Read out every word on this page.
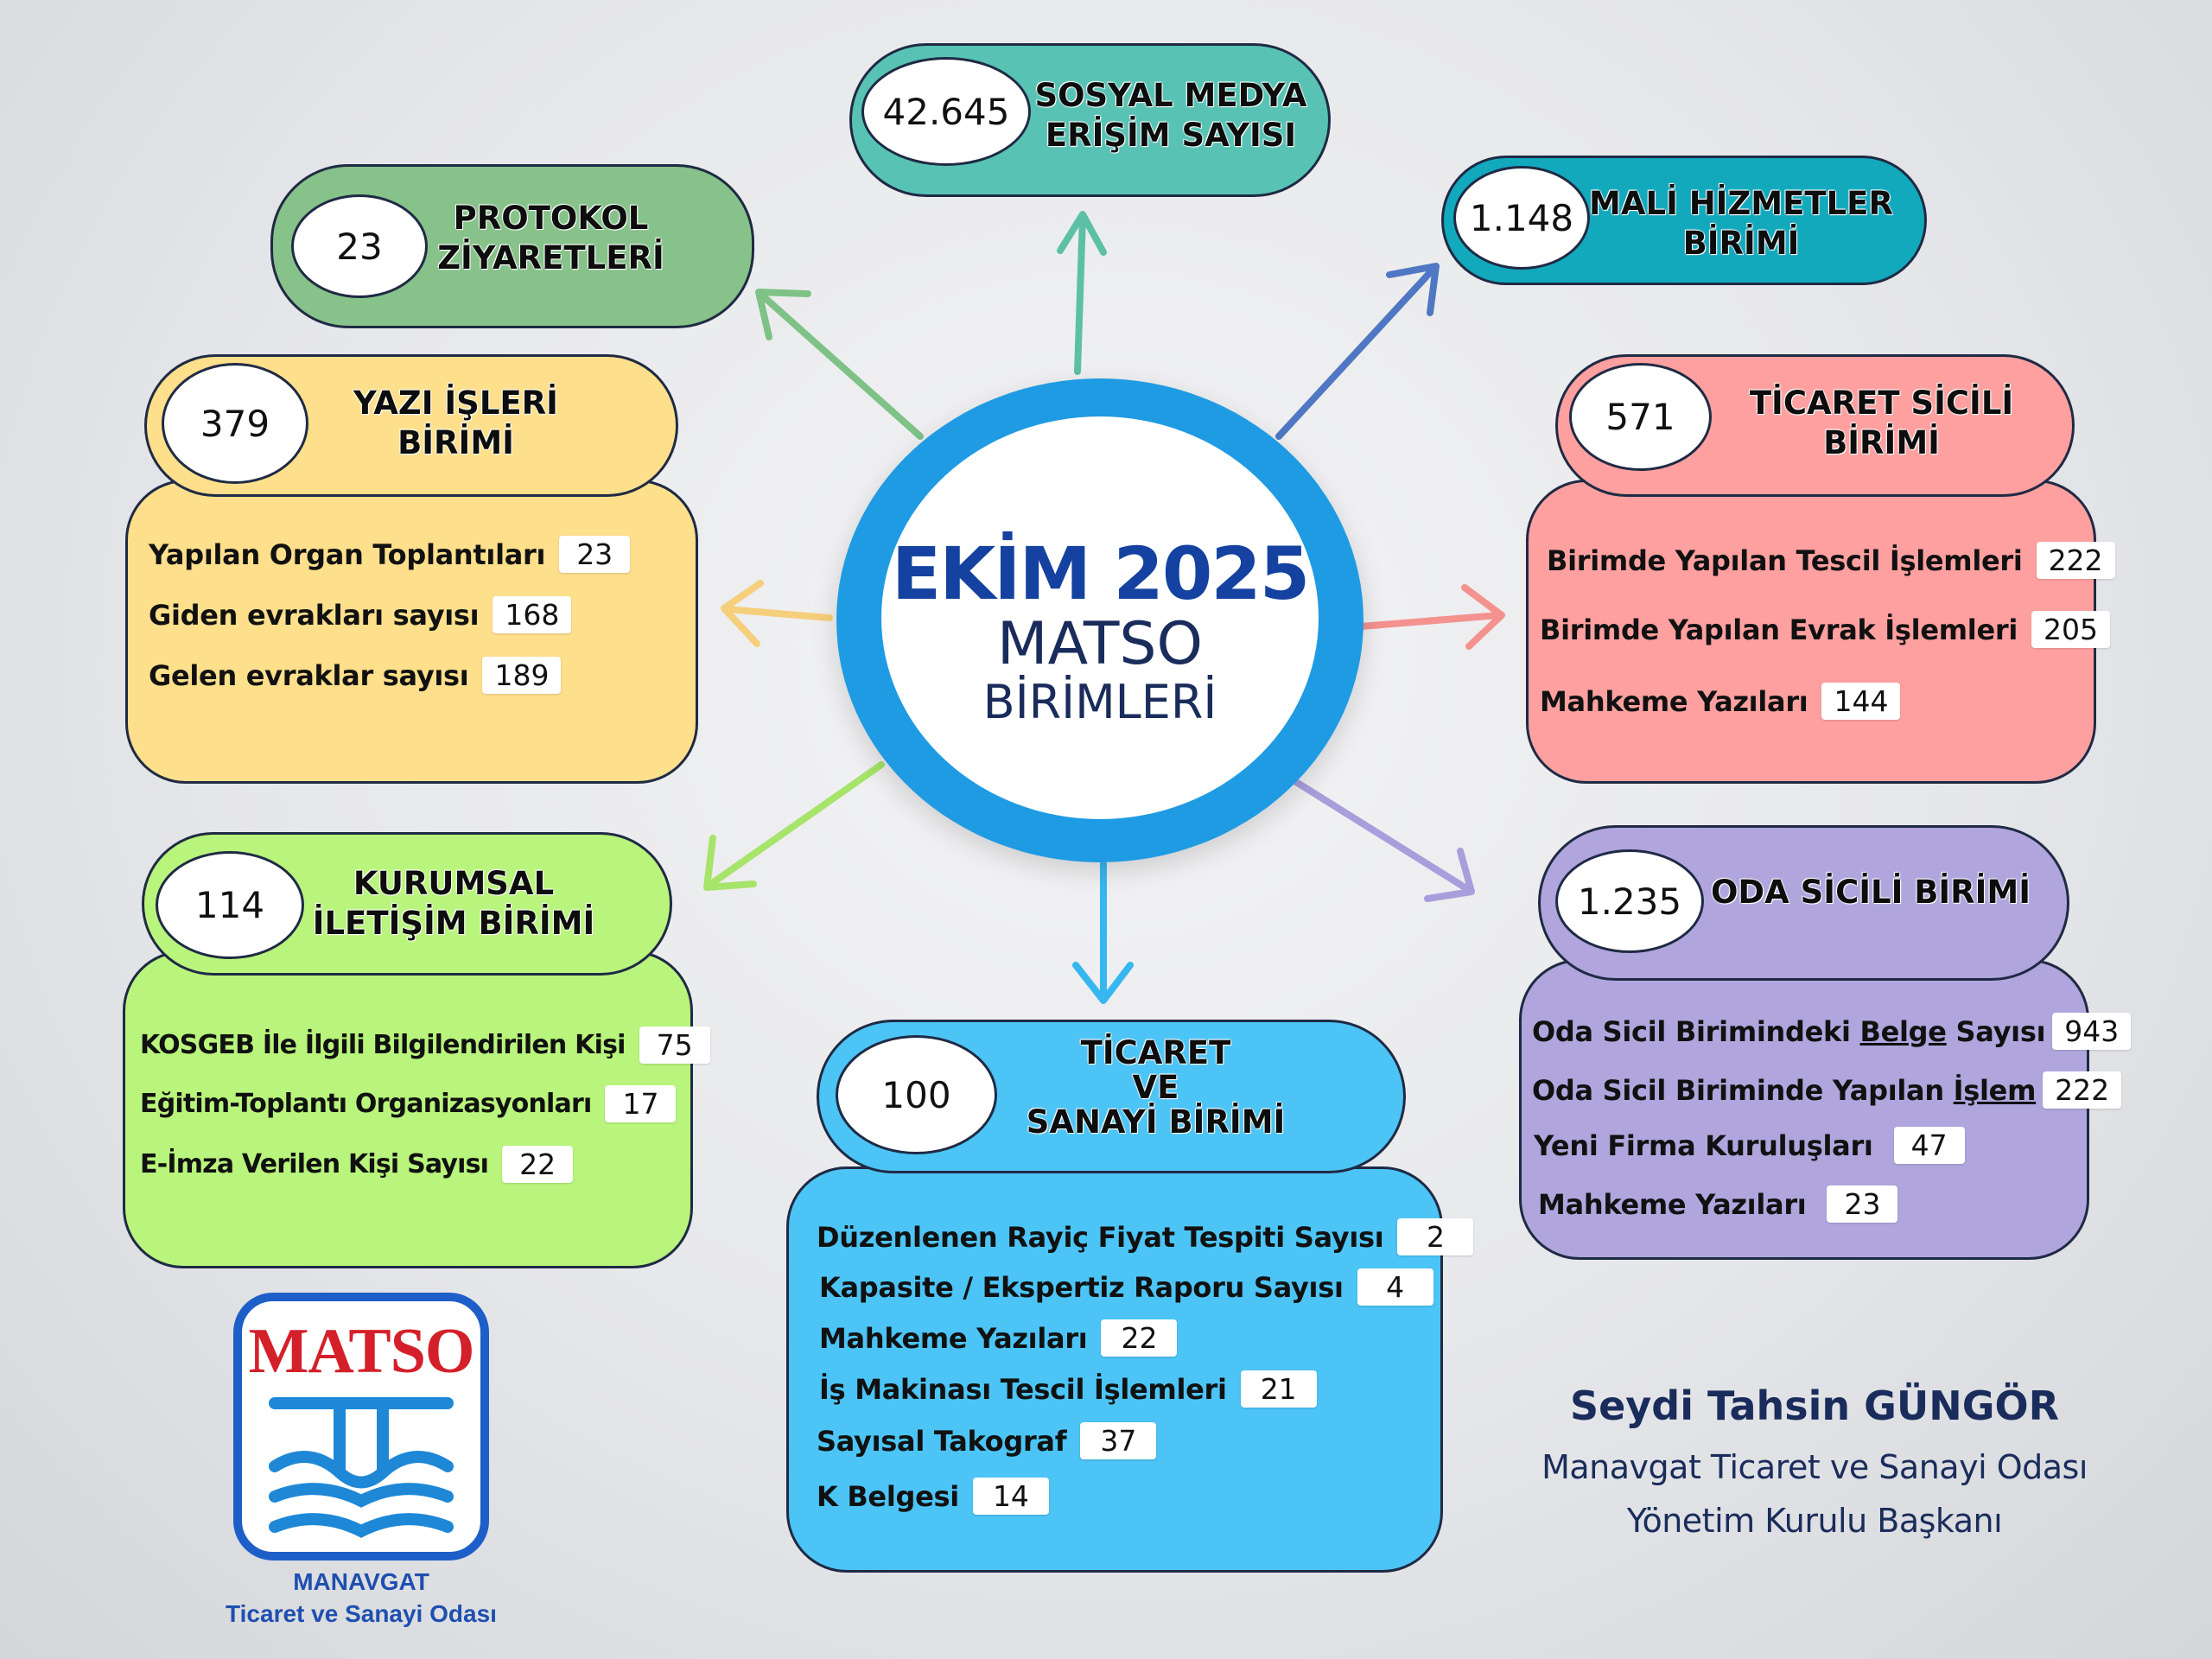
EKİM 2025
MATSO
BİRİMLERİ
42.645 SOSYAL MEDYA
ERİŞİM SAYISI
23
PROTOKOL
ZİYARETLERİ
1.148 MALİ HİZMETLER
BİRİMİ
379	YAZI İŞLERİ
BİRİMİ
Yapılan Organ Toplantıları	23
Giden evrakları sayısı 168
Gelen evraklar sayısı 189
571	TİCARET SİCİLİ
BİRİMİ
Birimde Yapılan Tescil İşlemleri 222
Birimde Yapılan Evrak İşlemleri 205
Mahkeme Yazıları 144
114
KURUMSAL
İLETİŞİM BİRİMİ
KOSGEB İle İlgili Bilgilendirilen Kişi	75
Eğitim-Toplantı Organizasyonları	17
E-İmza Verilen Kişi Sayısı	22
1.235 ODA SİCİLİ BİRİMİ
Oda Sicil Birimindeki Belge Sayısı 943
Oda Sicil Biriminde Yapılan İşlem 222
Yeni Firma Kuruluşları	47
Mahkeme Yazıları	23
100
TİCARET
VE
SANAYİ BİRİMİ
Düzenlenen Rayiç Fiyat Tespiti Sayısı	2
Kapasite / Ekspertiz Raporu Sayısı	4
Mahkeme Yazıları	22
İş Makinası Tescil İşlemleri	21
Sayısal Takograf	37
K Belgesi	14
MATSO
MANAVGAT
Ticaret ve Sanayi Odası
Seydi Tahsin GÜNGÖR
Manavgat Ticaret ve Sanayi Odası
Yönetim Kurulu Başkanı
